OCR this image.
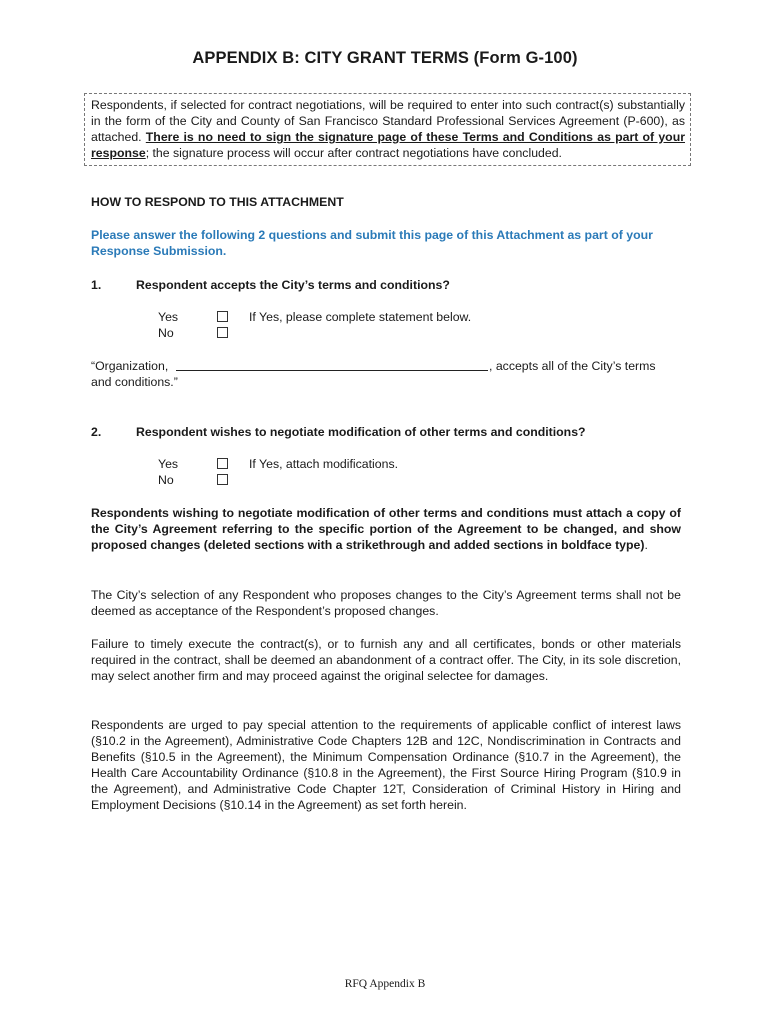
APPENDIX B: CITY GRANT TERMS (Form G-100)
Respondents, if selected for contract negotiations, will be required to enter into such contract(s) substantially in the form of the City and County of San Francisco Standard Professional Services Agreement (P-600), as attached. There is no need to sign the signature page of these Terms and Conditions as part of your response; the signature process will occur after contract negotiations have concluded.
HOW TO RESPOND TO THIS ATTACHMENT
Please answer the following 2 questions and submit this page of this Attachment as part of your Response Submission.
1.	Respondent accepts the City’s terms and conditions?
Yes
No
If Yes, please complete statement below.
“Organization,	, accepts all of the City’s terms
and conditions.”
2.	Respondent wishes to negotiate modification of other terms and conditions?
Yes
No
If Yes, attach modifications.
Respondents wishing to negotiate modification of other terms and conditions must attach a copy of the City’s Agreement referring to the specific portion of the Agreement to be changed, and show proposed changes (deleted sections with a strikethrough and added sections in boldface type).
The City’s selection of any Respondent who proposes changes to the City’s Agreement terms shall not be deemed as acceptance of the Respondent’s proposed changes.
Failure to timely execute the contract(s), or to furnish any and all certificates, bonds or other materials required in the contract, shall be deemed an abandonment of a contract offer. The City, in its sole discretion, may select another firm and may proceed against the original selectee for damages.
Respondents are urged to pay special attention to the requirements of applicable conflict of interest laws (§10.2 in the Agreement), Administrative Code Chapters 12B and 12C, Nondiscrimination in Contracts and Benefits (§10.5 in the Agreement), the Minimum Compensation Ordinance (§10.7 in the Agreement), the Health Care Accountability Ordinance (§10.8 in the Agreement), the First Source Hiring Program (§10.9 in the Agreement), and Administrative Code Chapter 12T, Consideration of Criminal History in Hiring and Employment Decisions (§10.14 in the Agreement) as set forth herein.
RFQ Appendix B
